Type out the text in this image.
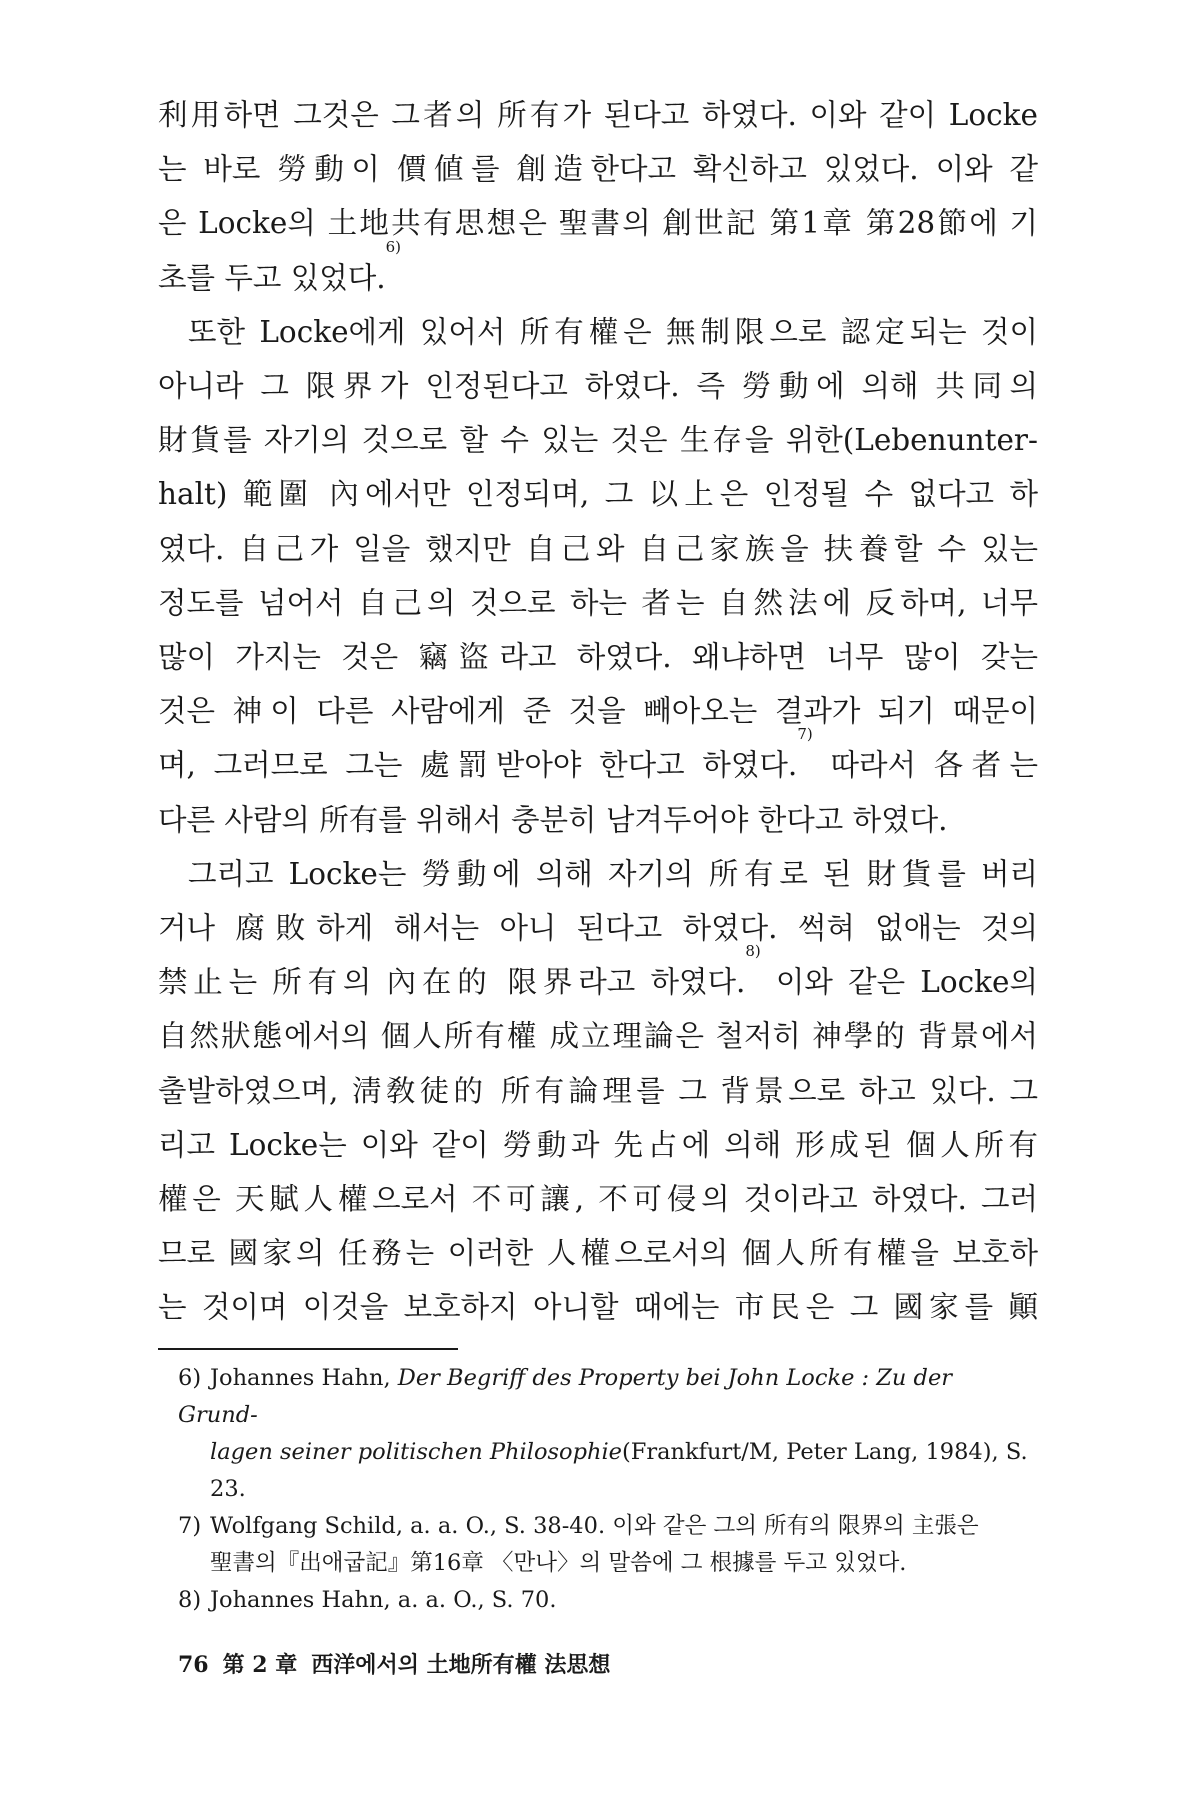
利用하면 그것은 그者의 所有가 된다고 하였다. 이와 같이 Locke
는 바로 勞動이 價値를 創造한다고 확신하고 있었다. 이와 같
은 Locke의 土地共有思想은 聖書의 創世記 第1章 第28節에 기
초를 두고 있었다.$^{6)}$
또한 Locke에게 있어서 所有權은 無制限으로 認定되는 것이
아니라 그 限界가 인정된다고 하였다. 즉 勞動에 의해 共同의
財貨를 자기의 것으로 할 수 있는 것은 生存을 위한(Lebenunter-
halt) 範圍 內에서만 인정되며, 그 以上은 인정될 수 없다고 하
였다. 自己가 일을 했지만 自己와 自己家族을 扶養할 수 있는
정도를 넘어서 自己의 것으로 하는 者는 自然法에 反하며, 너무
많이 가지는 것은 竊盜라고 하였다. 왜냐하면 너무 많이 갖는
것은 神이 다른 사람에게 준 것을 빼아오는 결과가 되기 때문이
며, 그러므로 그는 處罰받아야 한다고 하였다.$^{7)}$ 따라서 各者는
다른 사람의 所有를 위해서 충분히 남겨두어야 한다고 하였다.
그리고 Locke는 勞動에 의해 자기의 所有로 된 財貨를 버리
거나 腐敗하게 해서는 아니 된다고 하였다. 썩혀 없애는 것의
禁止는 所有의 內在的 限界라고 하였다.$^{8)}$ 이와 같은 Locke의
自然狀態에서의 個人所有權 成立理論은 철저히 神學的 背景에서
출발하였으며, 淸敎徒的 所有論理를 그 背景으로 하고 있다. 그
리고 Locke는 이와 같이 勞動과 先占에 의해 形成된 個人所有
權은 天賦人權으로서 不可讓, 不可侵의 것이라고 하였다. 그러
므로 國家의 任務는 이러한 人權으로서의 個人所有權을 보호하
는 것이며 이것을 보호하지 아니할 때에는 市民은 그 國家를 顚
6) Johannes Hahn, Der Begriff des Property bei John Locke : Zu der Grund-
lagen seiner politischen Philosophie(Frankfurt/M, Peter Lang, 1984), S. 23.
7) Wolfgang Schild, a. a. O., S. 38-40. 이와 같은 그의 所有의 限界의 主張은
聖書의『出애굽記』第16章 〈만나〉의 말씀에 그 根據를 두고 있었다.
8) Johannes Hahn, a. a. O., S. 70.
76 第 2 章 西洋에서의 土地所有權 法思想
